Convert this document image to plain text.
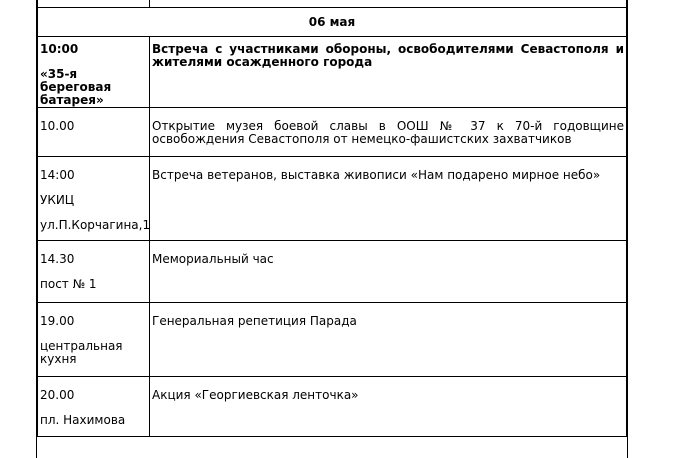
06 мая	

10:00
«35-я береговая батарея»	Встреча с участниками обороны, освободителями Севастополя и жителями осажденного города

10.00	Открытие музея боевой славы в ООШ № 37 к 70-й годовщине освобождения Севастополя от немецко-фашистских захватчиков

14:00
УКИЦ
ул.П.Корчагина,1	Встреча ветеранов, выставка живописи «Нам подарено мирное небо»

14.30
пост № 1	Мемориальный час

19.00
центральная кухня	Генеральная репетиция Парада

20.00
пл. Нахимова	Акция «Георгиевская ленточка»
